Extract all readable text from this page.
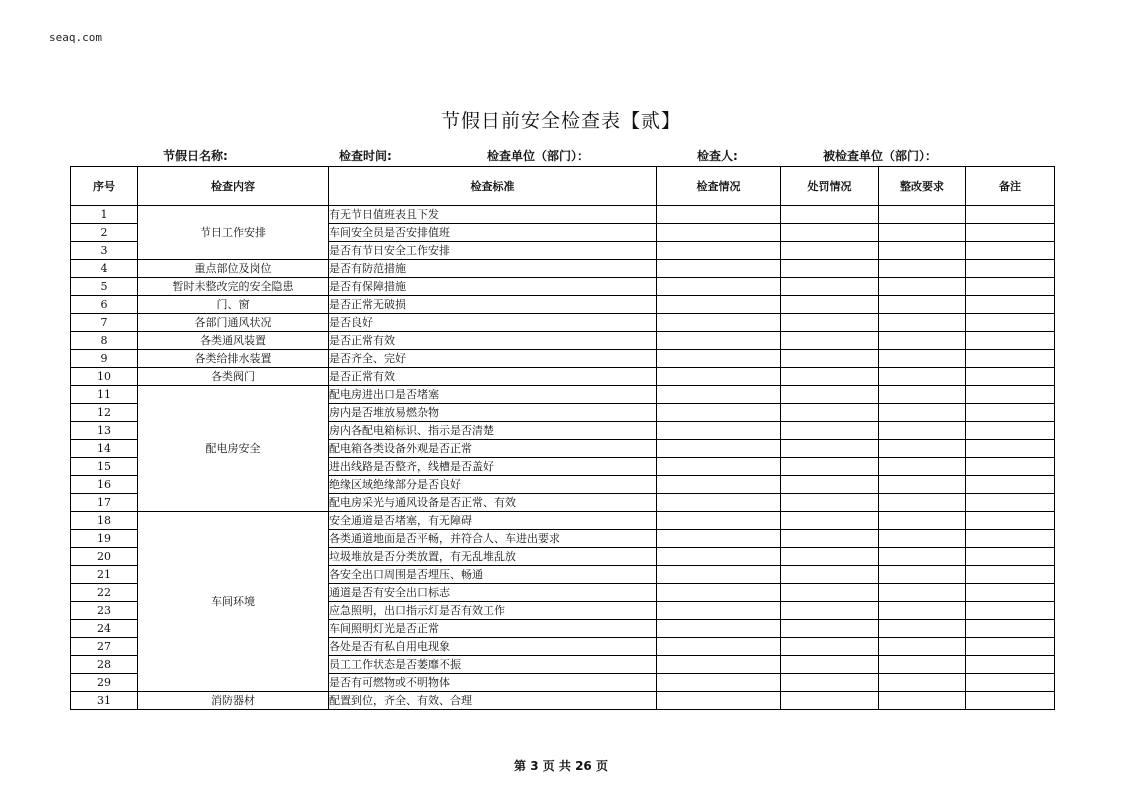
seaq.com
节假日前安全检查表【贰】
节假日名称:	检查时间:	检查单位（部门）：	检查人:	被检查单位（部门）：
序号	检查内容	检查标准	检查情况	处罚情况	整改要求	备注
1	节日工作安排	有无节日值班表且下发				
2		车间安全员是否安排值班				
3		是否有节日安全工作安排				
4	重点部位及岗位	是否有防范措施				
5	暂时未整改完的安全隐患	是否有保障措施				
6	门、窗	是否正常无破损				
7	各部门通风状况	是否良好				
8	各类通风装置	是否正常有效				
9	各类给排水装置	是否齐全、完好				
10	各类阀门	是否正常有效				
11	配电房安全	配电房进出口是否堵塞				
12		房内是否堆放易燃杂物				
13		房内各配电箱标识、指示是否清楚				
14		配电箱各类设备外观是否正常				
15		进出线路是否整齐，线槽是否盖好				
16		绝缘区域绝缘部分是否良好				
17		配电房采光与通风设备是否正常、有效				
18	车间环境	安全通道是否堵塞，有无障碍				
19		各类通道地面是否平畅，并符合人、车进出要求				
20		垃圾堆放是否分类放置，有无乱堆乱放				
21		各安全出口周围是否埋压、畅通				
22		通道是否有安全出口标志				
23		应急照明，出口指示灯是否有效工作				
24		车间照明灯光是否正常				
27		各处是否有私自用电现象				
28		员工工作状态是否萎靡不振				
29		是否有可燃物或不明物体				
31	消防器材	配置到位，齐全、有效、合理				
第 3 页 共 26 页
